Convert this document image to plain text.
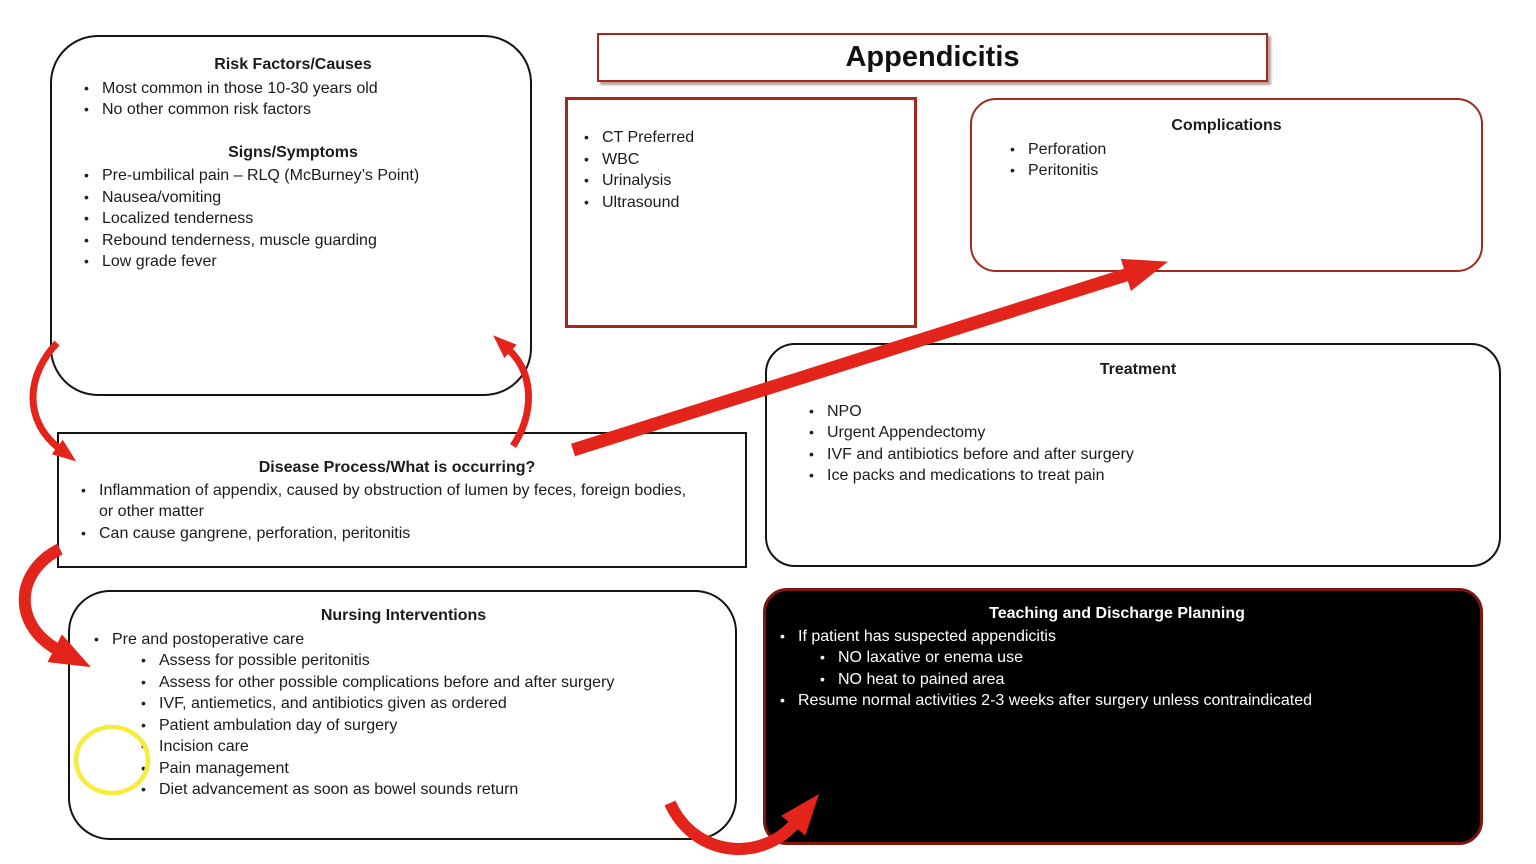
Risk Factors/Causes
• Most common in those 10-30 years old
• No other common risk factors
Signs/Symptoms
• Pre-umbilical pain – RLQ (McBurney’s Point)
• Nausea/vomiting
• Localized tenderness
• Rebound tenderness, muscle guarding
• Low grade fever
Appendicitis
• CT Preferred
• WBC
• Urinalysis
• Ultrasound
Complications
• Perforation
• Peritonitis
Treatment
• NPO
• Urgent Appendectomy
• IVF and antibiotics before and after surgery
• Ice packs and medications to treat pain
Disease Process/What is occurring?
• Inflammation of appendix, caused by obstruction of lumen by feces, foreign bodies, or other matter
• Can cause gangrene, perforation, peritonitis
Nursing Interventions
• Pre and postoperative care
• Assess for possible peritonitis
• Assess for other possible complications before and after surgery
• IVF, antiemetics, and antibiotics given as ordered
• Patient ambulation day of surgery
• Incision care
• Pain management
• Diet advancement as soon as bowel sounds return
Teaching and Discharge Planning
• If patient has suspected appendicitis
• NO laxative or enema use
• NO heat to pained area
• Resume normal activities 2-3 weeks after surgery unless contraindicated
